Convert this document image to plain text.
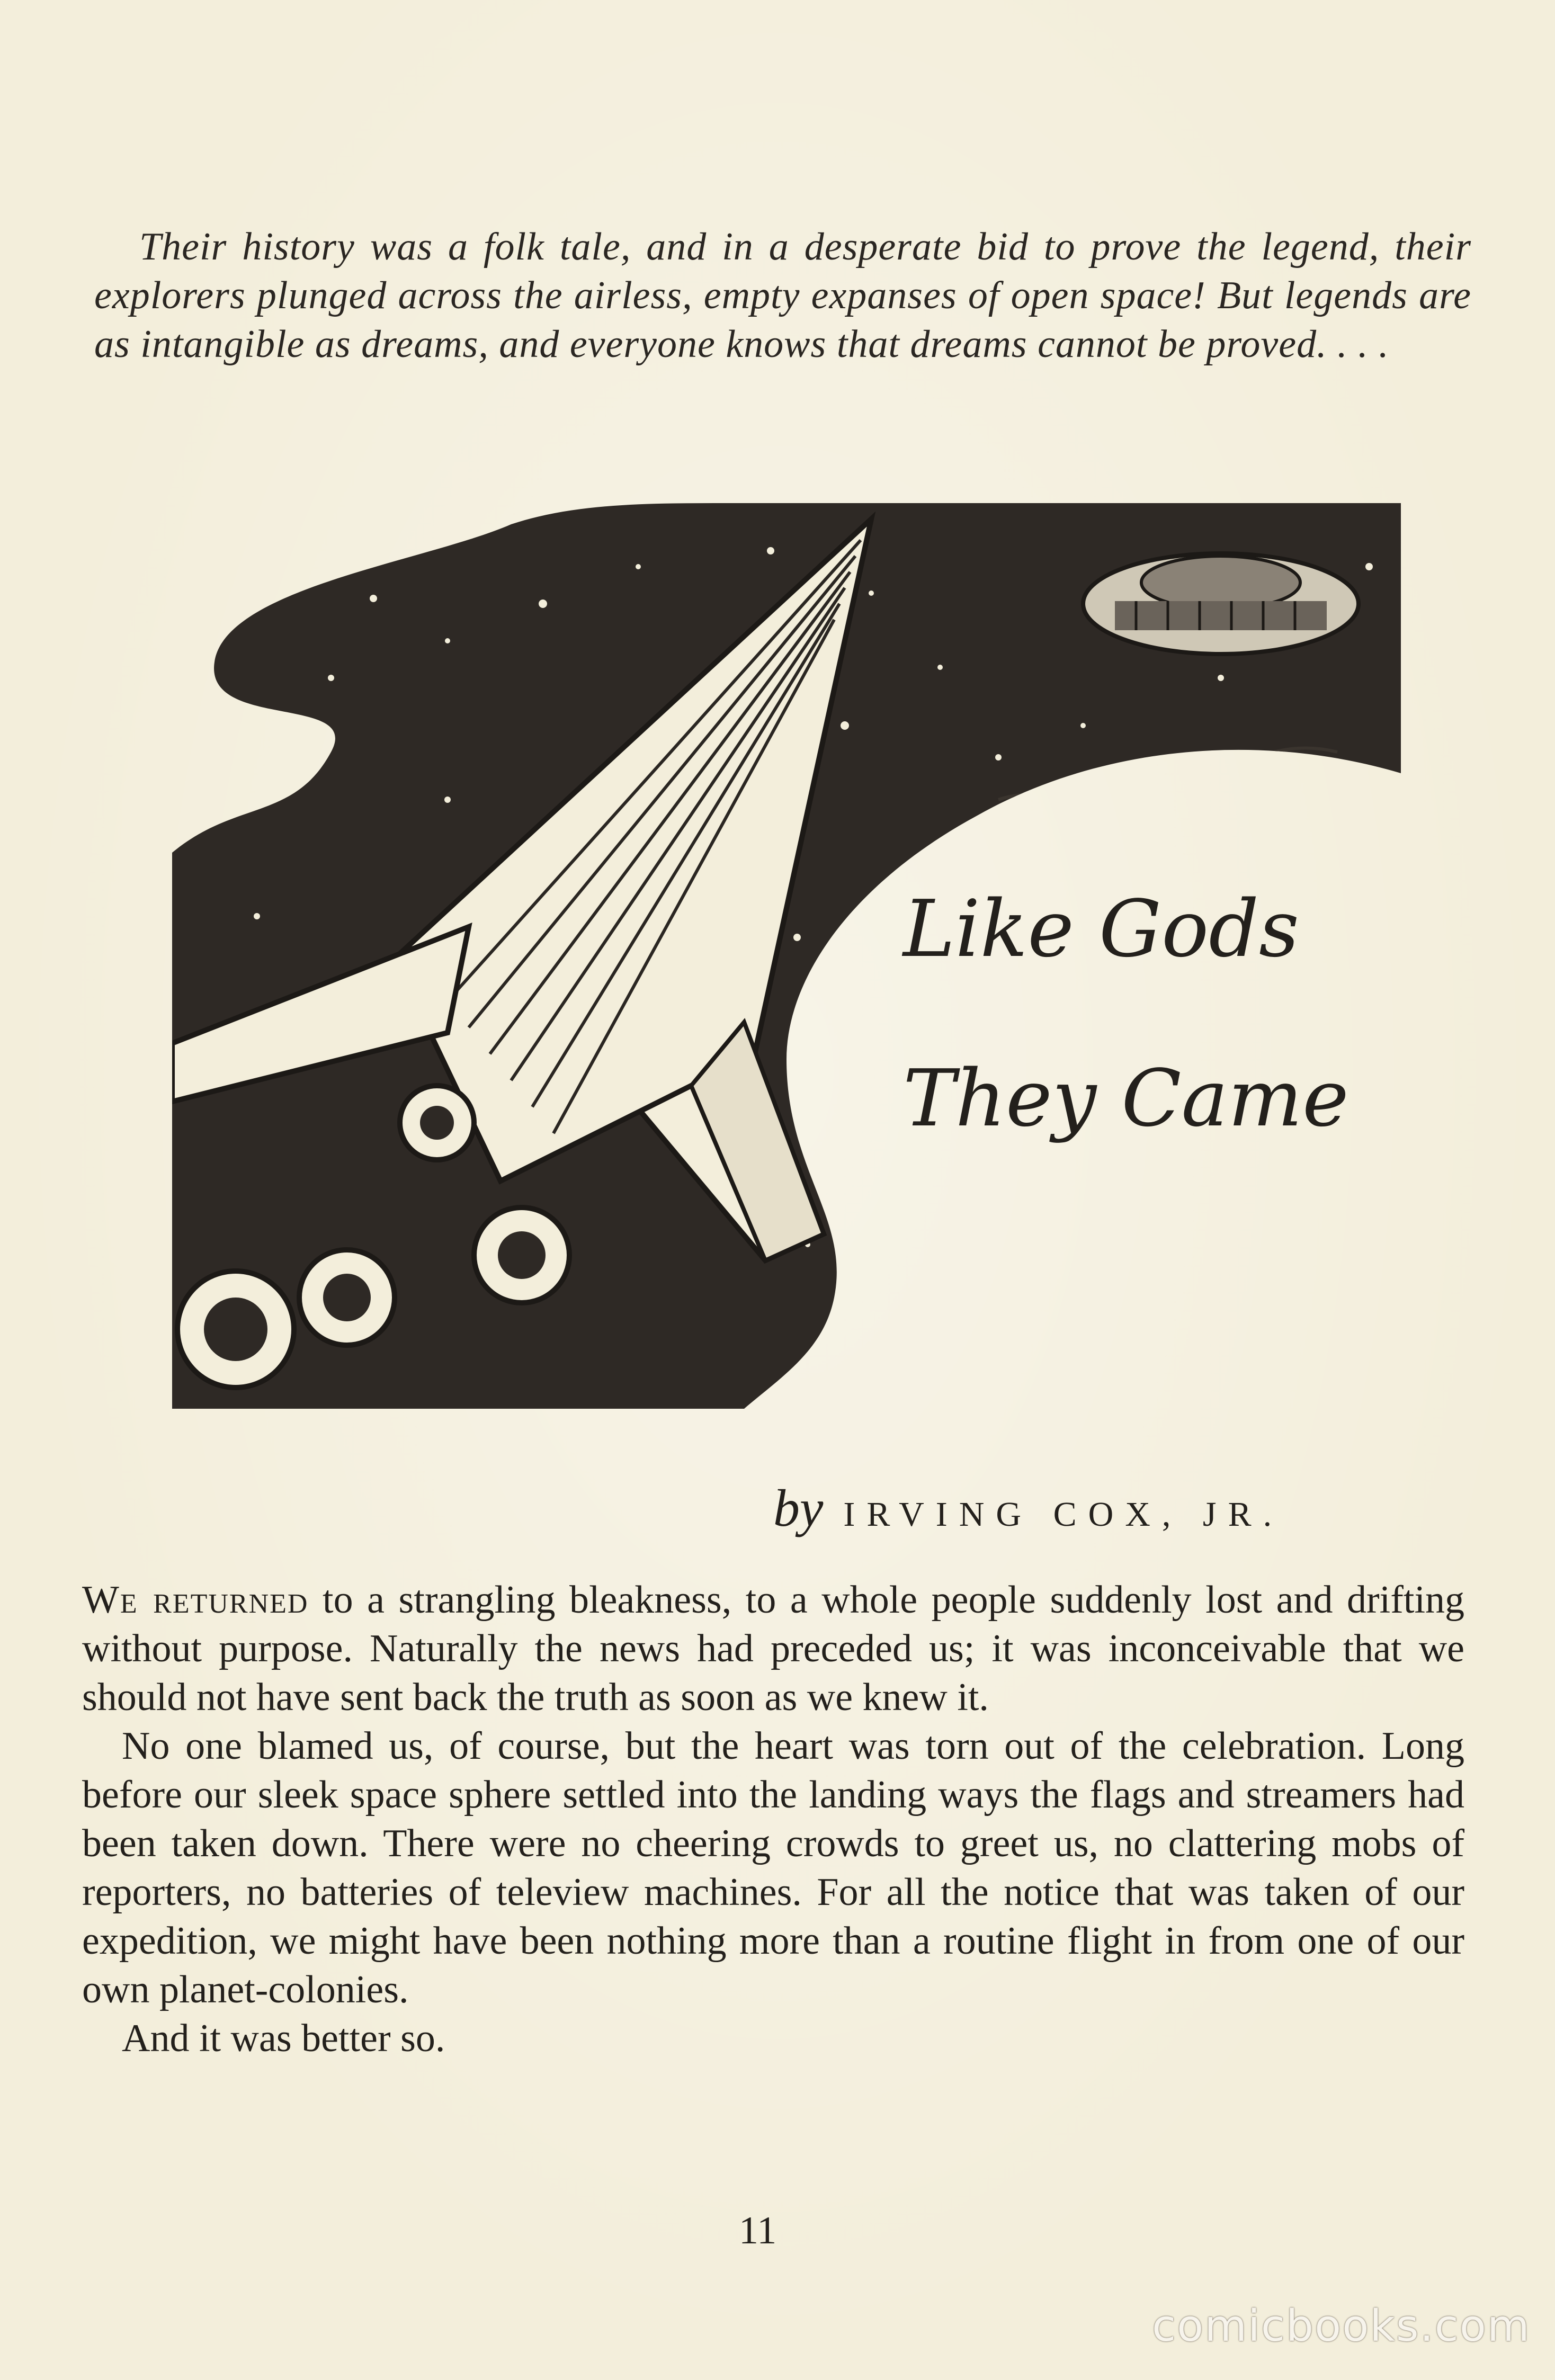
Their history was a folk tale, and in a desperate bid to prove the legend, their explorers plunged across the airless, empty expanses of open space! But legends are as intangible as dreams, and everyone knows that dreams cannot be proved. . . .
Like Gods
They Came
by IRVING COX, JR.

We returned to a strangling bleakness, to a whole people suddenly lost and drifting without purpose. Naturally the news had preceded us; it was inconceivable that we should not have sent back the truth as soon as we knew it.

No one blamed us, of course, but the heart was torn out of the celebration. Long before our sleek space sphere settled into the landing ways the flags and streamers had been taken down. There were no cheering crowds to greet us, no clattering mobs of reporters, no batteries of teleview machines. For all the notice that was taken of our expedition, we might have been nothing more than a routine flight in from one of our own planet-colonies.

And it was better so.

11
comicbooks.com
